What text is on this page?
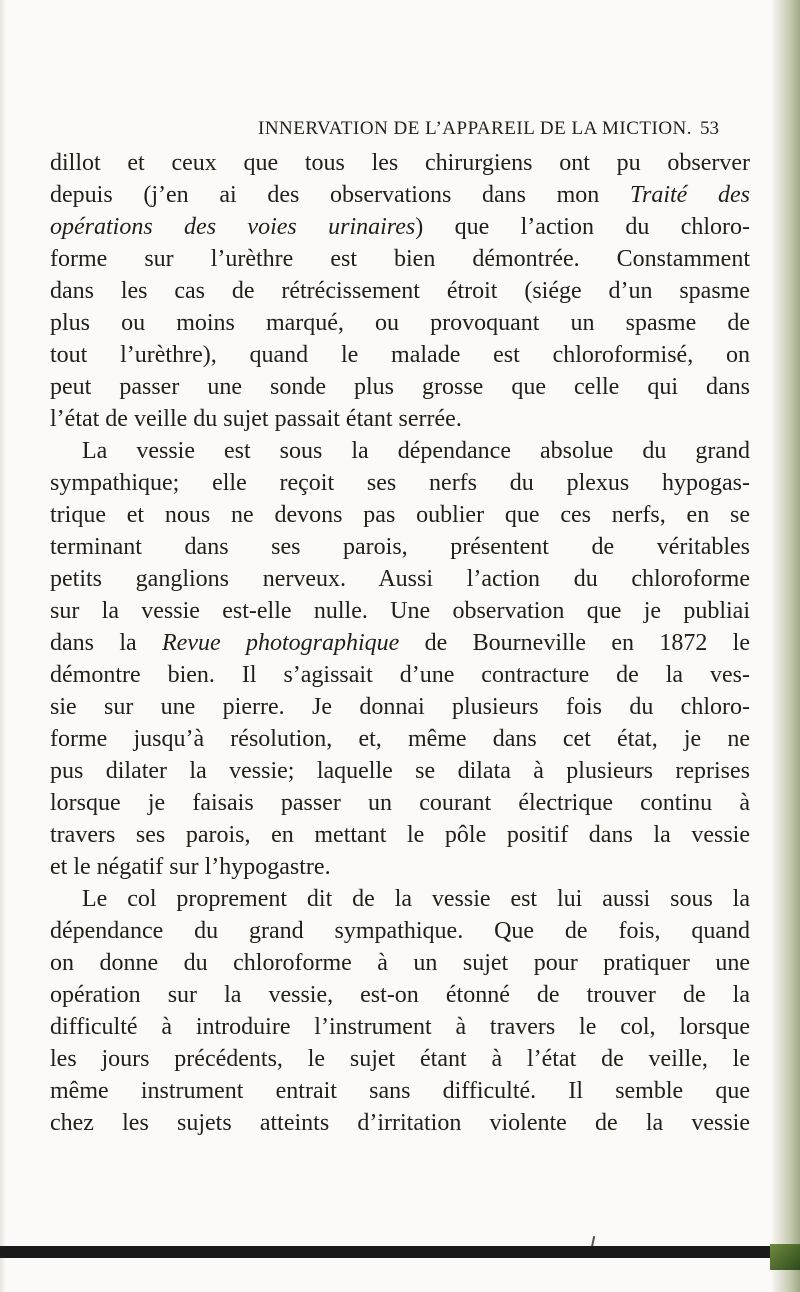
INNERVATION DE L’APPAREIL DE LA MICTION. 53
dillot et ceux que tous les chirurgiens ont pu observer
depuis (j’en ai des observations dans mon Traité des
opérations des voies urinaires) que l’action du chloro-
forme sur l’urèthre est bien démontrée. Constamment
dans les cas de rétrécissement étroit (siége d’un spasme
plus ou moins marqué, ou provoquant un spasme de
tout l’urèthre), quand le malade est chloroformisé, on
peut passer une sonde plus grosse que celle qui dans
l’état de veille du sujet passait étant serrée.
La vessie est sous la dépendance absolue du grand
sympathique; elle reçoit ses nerfs du plexus hypogas-
trique et nous ne devons pas oublier que ces nerfs, en se
terminant dans ses parois, présentent de véritables
petits ganglions nerveux. Aussi l’action du chloroforme
sur la vessie est-elle nulle. Une observation que je publiai
dans la Revue photographique de Bourneville en 1872 le
démontre bien. Il s’agissait d’une contracture de la ves-
sie sur une pierre. Je donnai plusieurs fois du chloro-
forme jusqu’à résolution, et, même dans cet état, je ne
pus dilater la vessie; laquelle se dilata à plusieurs reprises
lorsque je faisais passer un courant électrique continu à
travers ses parois, en mettant le pôle positif dans la vessie
et le négatif sur l’hypogastre.
Le col proprement dit de la vessie est lui aussi sous la
dépendance du grand sympathique. Que de fois, quand
on donne du chloroforme à un sujet pour pratiquer une
opération sur la vessie, est-on étonné de trouver de la
difficulté à introduire l’instrument à travers le col, lorsque
les jours précédents, le sujet étant à l’état de veille, le
même instrument entrait sans difficulté. Il semble que
chez les sujets atteints d’irritation violente de la vessie
